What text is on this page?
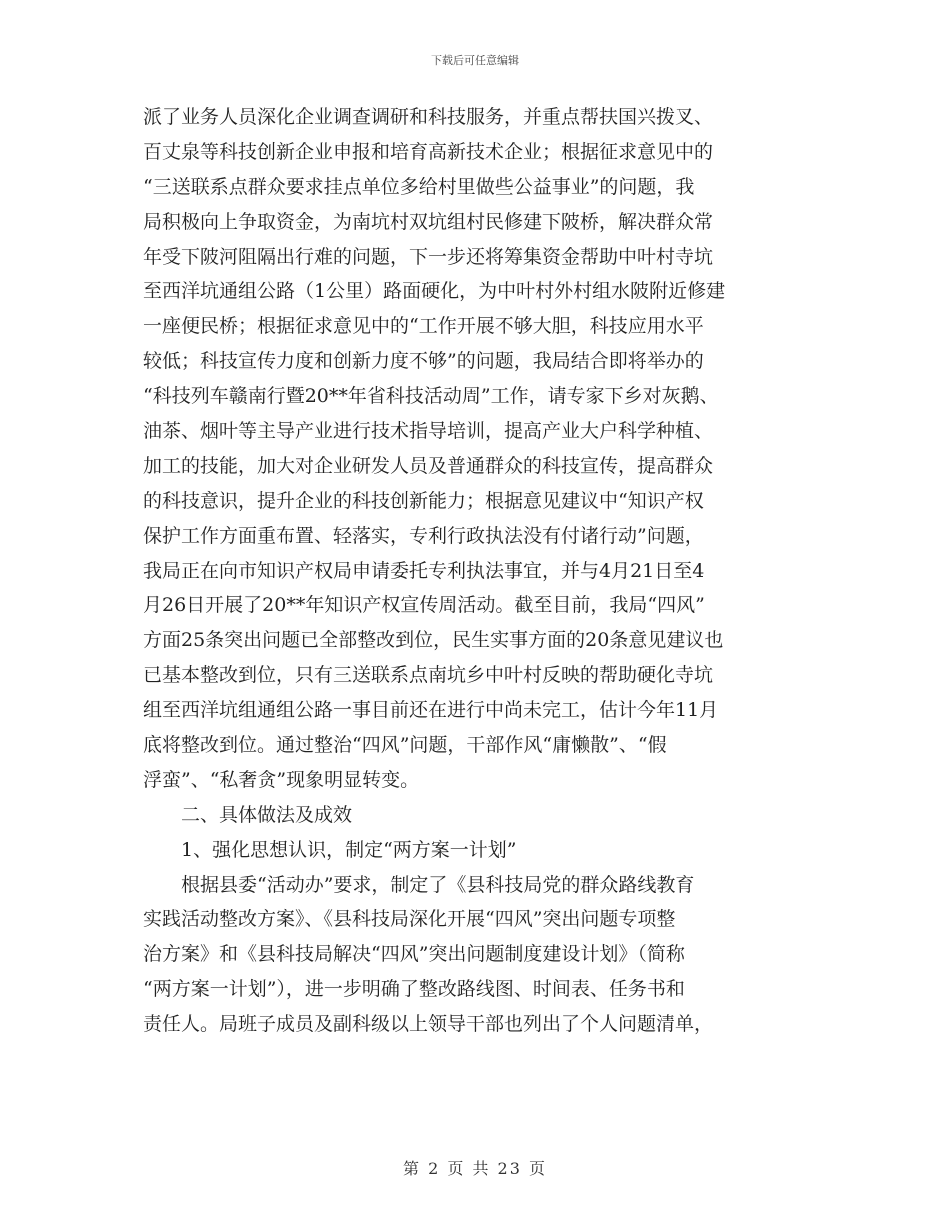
下载后可任意编辑
派了业务人员深化企业调查调研和科技服务，并重点帮扶国兴拨叉、
百丈泉等科技创新企业申报和培育高新技术企业；根据征求意见中的
“三送联系点群众要求挂点单位多给村里做些公益事业”的问题，我
局积极向上争取资金，为南坑村双坑组村民修建下陂桥，解决群众常
年受下陂河阻隔出行难的问题，下一步还将筹集资金帮助中叶村寺坑
至西洋坑通组公路（1公里）路面硬化，为中叶村外村组水陂附近修建
一座便民桥；根据征求意见中的“工作开展不够大胆，科技应用水平
较低；科技宣传力度和创新力度不够”的问题，我局结合即将举办的
“科技列车赣南行暨20**年省科技活动周”工作，请专家下乡对灰鹅、
油茶、烟叶等主导产业进行技术指导培训，提高产业大户科学种植、
加工的技能，加大对企业研发人员及普通群众的科技宣传，提高群众
的科技意识，提升企业的科技创新能力；根据意见建议中“知识产权
保护工作方面重布置、轻落实，专利行政执法没有付诸行动”问题，
我局正在向市知识产权局申请委托专利执法事宜，并与4月21日至4
月26日开展了20**年知识产权宣传周活动。截至目前，我局“四风”
方面25条突出问题已全部整改到位，民生实事方面的20条意见建议也
已基本整改到位，只有三送联系点南坑乡中叶村反映的帮助硬化寺坑
组至西洋坑组通组公路一事目前还在进行中尚未完工，估计今年11月
底将整改到位。通过整治“四风”问题，干部作风“庸懒散”、“假
浮蛮”、“私奢贪”现象明显转变。
　　二、具体做法及成效
　　1、强化思想认识，制定“两方案一计划”
　　根据县委“活动办”要求，制定了《县科技局党的群众路线教育
实践活动整改方案》、《县科技局深化开展“四风”突出问题专项整
治方案》和《县科技局解决“四风”突出问题制度建设计划》（简称
“两方案一计划”），进一步明确了整改路线图、时间表、任务书和
责任人。局班子成员及副科级以上领导干部也列出了个人问题清单，
第 2 页 共 23 页
